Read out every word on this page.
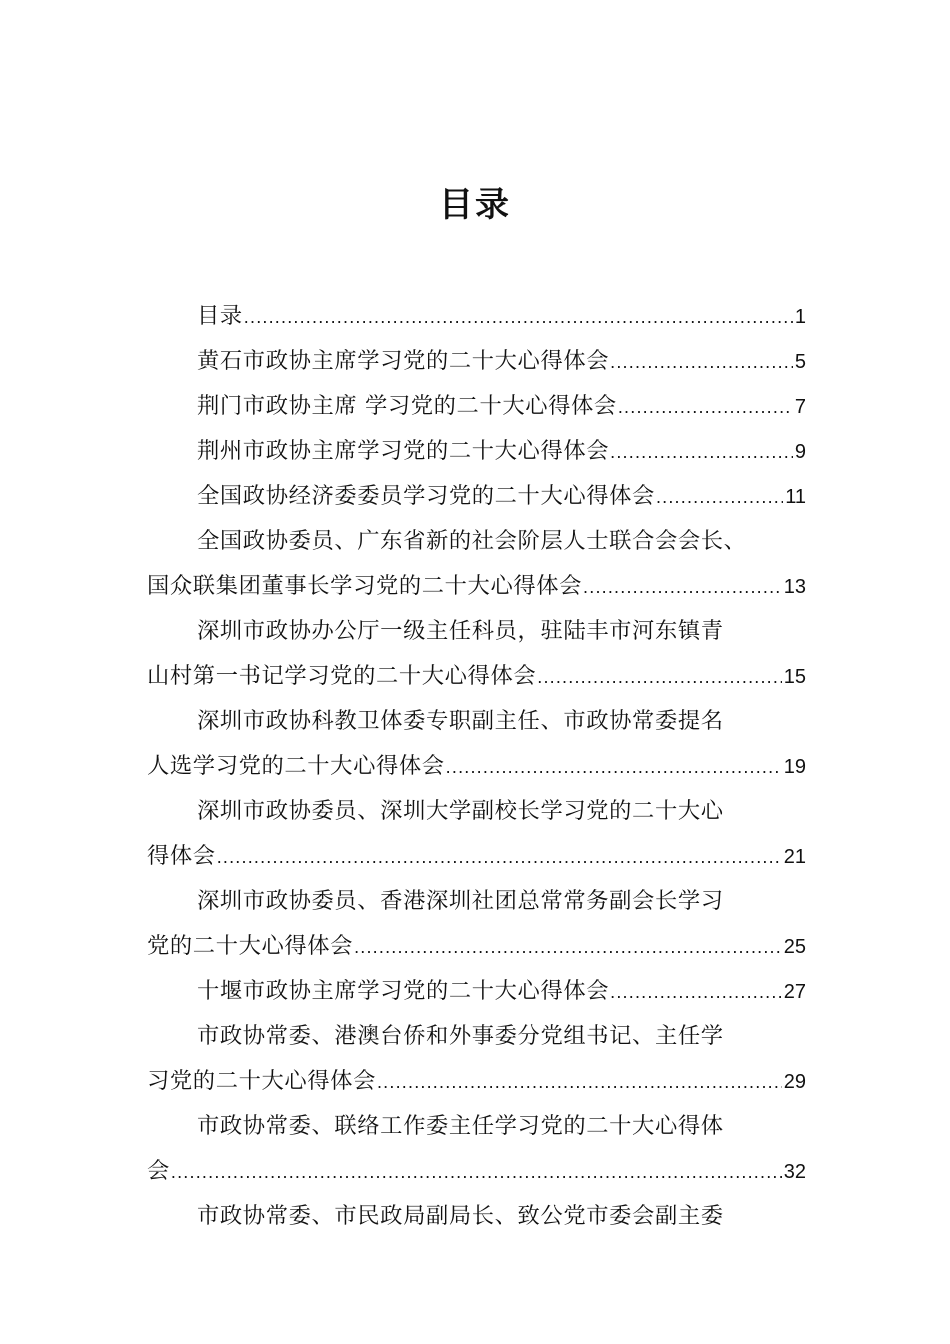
目录
目录 .....	1
黄石市政协主席学习党的二十大心得体会 .....	5
荆门市政协主席 学习党的二十大心得体会 .....	7
荆州市政协主席学习党的二十大心得体会 .....	9
全国政协经济委委员学习党的二十大心得体会 .....	11
全国政协委员、广东省新的社会阶层人士联合会会长、
国众联集团董事长学习党的二十大心得体会 .....	13
深圳市政协办公厅一级主任科员，驻陆丰市河东镇青
山村第一书记学习党的二十大心得体会 .....	15
深圳市政协科教卫体委专职副主任、市政协常委提名
人选学习党的二十大心得体会 .....	19
深圳市政协委员、深圳大学副校长学习党的二十大心
得体会 .....	21
深圳市政协委员、香港深圳社团总常常务副会长学习
党的二十大心得体会 .....	25
十堰市政协主席学习党的二十大心得体会 .....	27
市政协常委、港澳台侨和外事委分党组书记、主任学
习党的二十大心得体会 .....	29
市政协常委、联络工作委主任学习党的二十大心得体
会 .....	32
市政协常委、市民政局副局长、致公党市委会副主委
